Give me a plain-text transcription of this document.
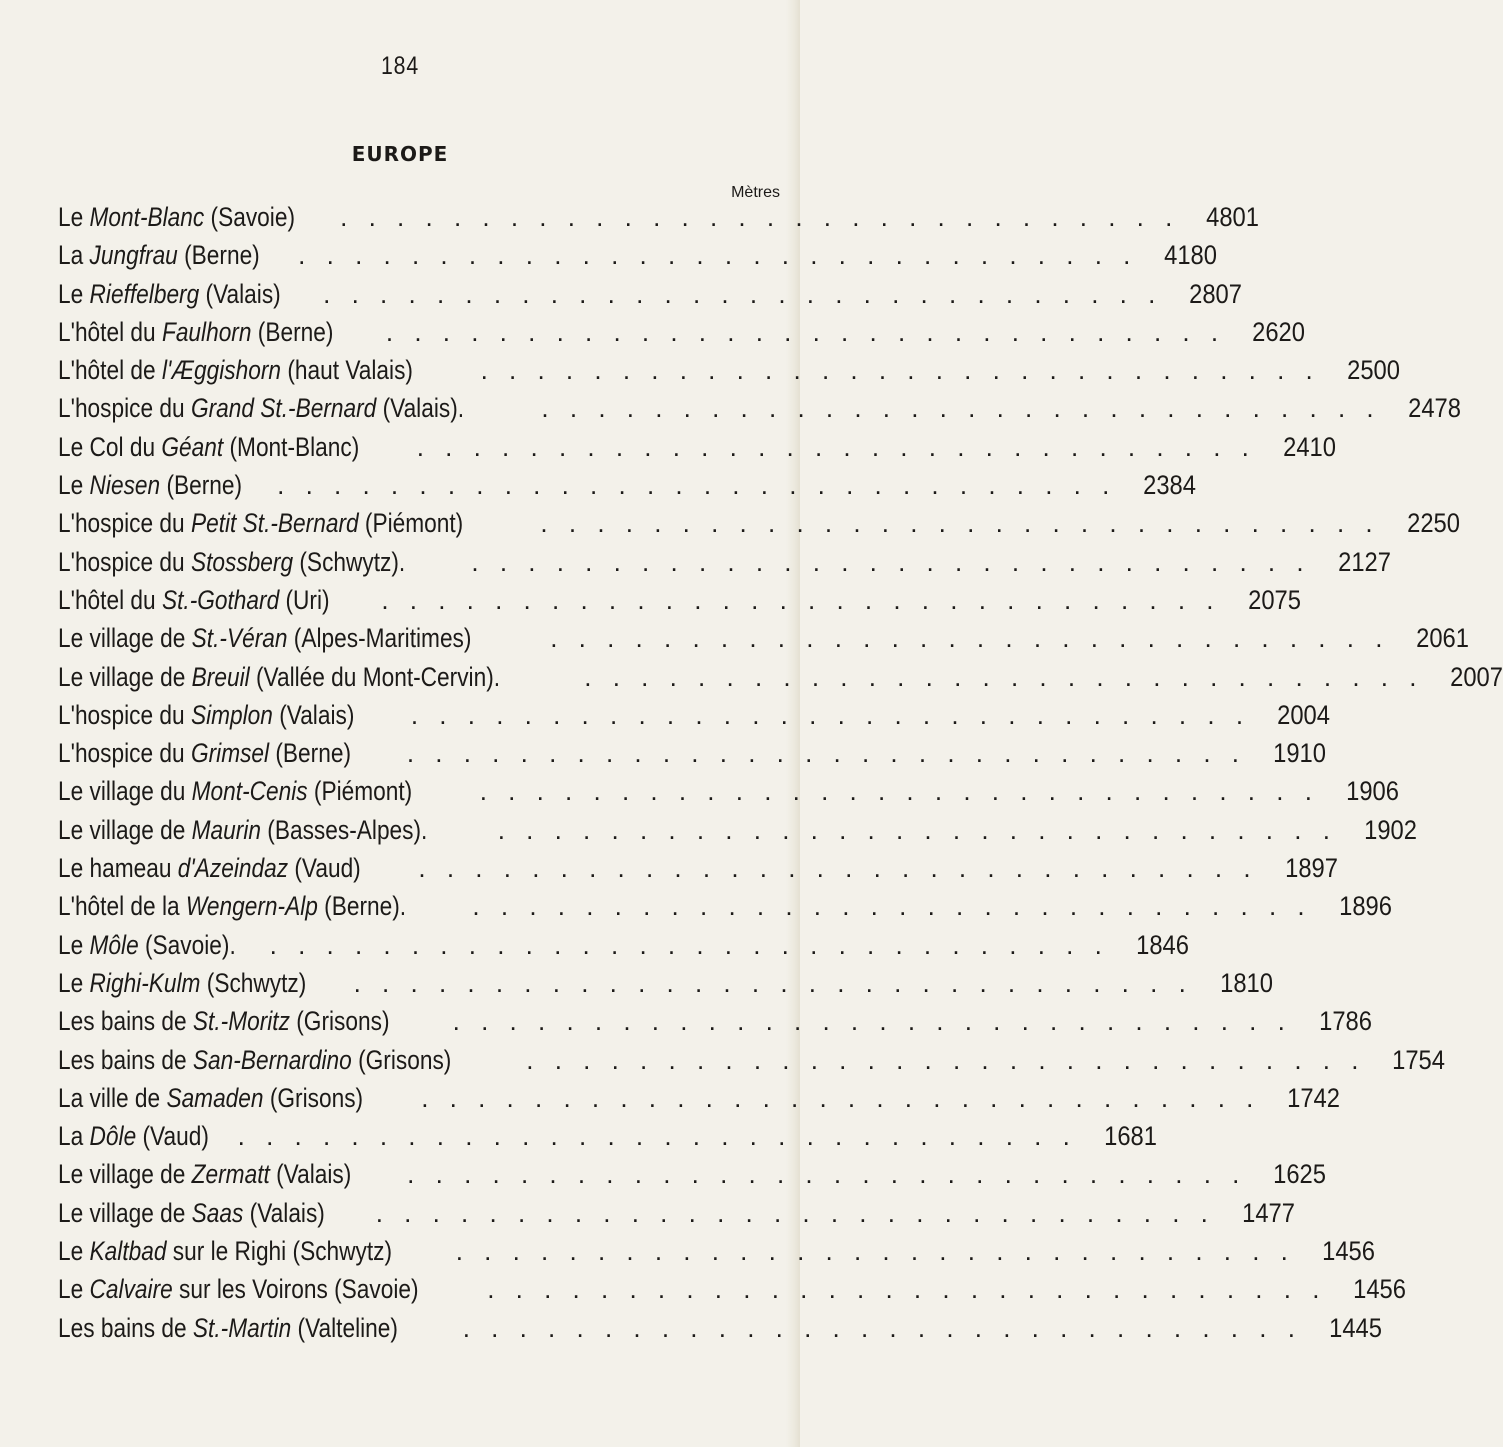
184
EUROPE
Mètres
Le Mont-Blanc (Savoie) . . . . . . . . . . . . . . . . . . . . . . . . . . . . . .	4801
La Jungfrau (Berne) . . . . . . . . . . . . . . . . . . . . . . . . . . . . . .	4180
Le Rieffelberg (Valais) . . . . . . . . . . . . . . . . . . . . . . . . . . . . . .	2807
L'hôtel du Faulhorn (Berne) . . . . . . . . . . . . . . . . . . . . . . . . . . . . . .	2620
L'hôtel de l'Æggishorn (haut Valais)	. . . . . . . . . . . . . . . . . . . . . . . . . . . . . .	2500
L'hospice du Grand St.-Bernard (Valais).	. . . . . . . . . . . . . . . . . . . . . . . . . . . . . .	2478
Le Col du Géant (Mont-Blanc) . . . . . . . . . . . . . . . . . . . . . . . . . . . . . .	2410
Le Niesen (Berne) . . . . . . . . . . . . . . . . . . . . . . . . . . . . . .	2384
L'hospice du Petit St.-Bernard (Piémont)	. . . . . . . . . . . . . . . . . . . . . . . . . . . . . .	2250
L'hospice du Stossberg (Schwytz).	. . . . . . . . . . . . . . . . . . . . . . . . . . . . . .	2127
L'hôtel du St.-Gothard (Uri) . . . . . . . . . . . . . . . . . . . . . . . . . . . . . .	2075
Le village de St.-Véran (Alpes-Maritimes)	. . . . . . . . . . . . . . . . . . . . . . . . . . . . . .	2061
Le village de Breuil (Vallée du Mont-Cervin).	. . . . . . . . . . . . . . . . . . . . . . . . . . . . . .	2007
L'hospice du Simplon (Valais) . . . . . . . . . . . . . . . . . . . . . . . . . . . . . .	2004
L'hospice du Grimsel (Berne) . . . . . . . . . . . . . . . . . . . . . . . . . . . . . .	1910
Le village du Mont-Cenis (Piémont)	. . . . . . . . . . . . . . . . . . . . . . . . . . . . . .	1906
Le village de Maurin (Basses-Alpes).	. . . . . . . . . . . . . . . . . . . . . . . . . . . . . .	1902
Le hameau d'Azeindaz (Vaud) . . . . . . . . . . . . . . . . . . . . . . . . . . . . . .	1897
L'hôtel de la Wengern-Alp (Berne).	. . . . . . . . . . . . . . . . . . . . . . . . . . . . . .	1896
Le Môle (Savoie). . . . . . . . . . . . . . . . . . . . . . . . . . . . . . .	1846
Le Righi-Kulm (Schwytz) . . . . . . . . . . . . . . . . . . . . . . . . . . . . . .	1810
Les bains de St.-Moritz (Grisons) . . . . . . . . . . . . . . . . . . . . . . . . . . . . . .	1786
Les bains de San-Bernardino (Grisons)	. . . . . . . . . . . . . . . . . . . . . . . . . . . . . .	1754
La ville de Samaden (Grisons) . . . . . . . . . . . . . . . . . . . . . . . . . . . . . .	1742
La Dôle (Vaud) . . . . . . . . . . . . . . . . . . . . . . . . . . . . . .	1681
Le village de Zermatt (Valais) . . . . . . . . . . . . . . . . . . . . . . . . . . . . . .	1625
Le village de Saas (Valais) . . . . . . . . . . . . . . . . . . . . . . . . . . . . . .	1477
Le Kaltbad sur le Righi (Schwytz) . . . . . . . . . . . . . . . . . . . . . . . . . . . . . .	1456
Le Calvaire sur les Voirons (Savoie)	. . . . . . . . . . . . . . . . . . . . . . . . . . . . . .	1456
Les bains de St.-Martin (Valteline) . . . . . . . . . . . . . . . . . . . . . . . . . . . . . .	1445
